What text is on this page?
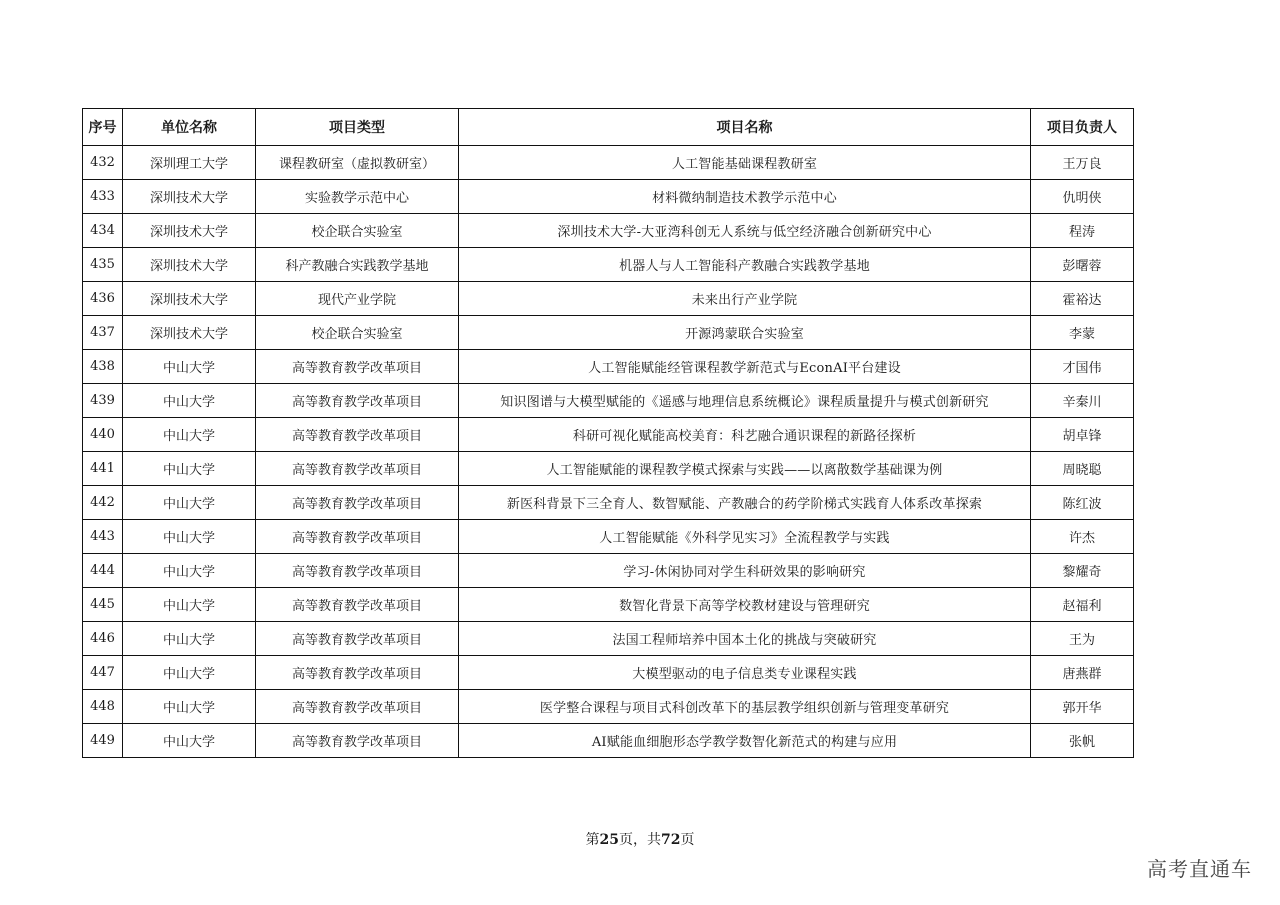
序号	单位名称	项目类型	项目名称	项目负责人
432	深圳理工大学	课程教研室（虚拟教研室）	人工智能基础课程教研室	王万良
433	深圳技术大学	实验教学示范中心	材料微纳制造技术教学示范中心	仇明侠
434	深圳技术大学	校企联合实验室	深圳技术大学-大亚湾科创无人系统与低空经济融合创新研究中心	程涛
435	深圳技术大学	科产教融合实践教学基地	机器人与人工智能科产教融合实践教学基地	彭曙蓉
436	深圳技术大学	现代产业学院	未来出行产业学院	霍裕达
437	深圳技术大学	校企联合实验室	开源鸿蒙联合实验室	李蒙
438	中山大学	高等教育教学改革项目	人工智能赋能经管课程教学新范式与EconAI平台建设	才国伟
439	中山大学	高等教育教学改革项目	知识图谱与大模型赋能的《遥感与地理信息系统概论》课程质量提升与模式创新研究	辛秦川
440	中山大学	高等教育教学改革项目	科研可视化赋能高校美育：科艺融合通识课程的新路径探析	胡卓锋
441	中山大学	高等教育教学改革项目	人工智能赋能的课程教学模式探索与实践——以离散数学基础课为例	周晓聪
442	中山大学	高等教育教学改革项目	新医科背景下三全育人、数智赋能、产教融合的药学阶梯式实践育人体系改革探索	陈红波
443	中山大学	高等教育教学改革项目	人工智能赋能《外科学见实习》全流程教学与实践	许杰
444	中山大学	高等教育教学改革项目	学习-休闲协同对学生科研效果的影响研究	黎耀奇
445	中山大学	高等教育教学改革项目	数智化背景下高等学校教材建设与管理研究	赵福利
446	中山大学	高等教育教学改革项目	法国工程师培养中国本土化的挑战与突破研究	王为
447	中山大学	高等教育教学改革项目	大模型驱动的电子信息类专业课程实践	唐燕群
448	中山大学	高等教育教学改革项目	医学整合课程与项目式科创改革下的基层教学组织创新与管理变革研究	郭开华
449	中山大学	高等教育教学改革项目	AI赋能血细胞形态学教学数智化新范式的构建与应用	张帆
第25页，共72页
高考直通车
